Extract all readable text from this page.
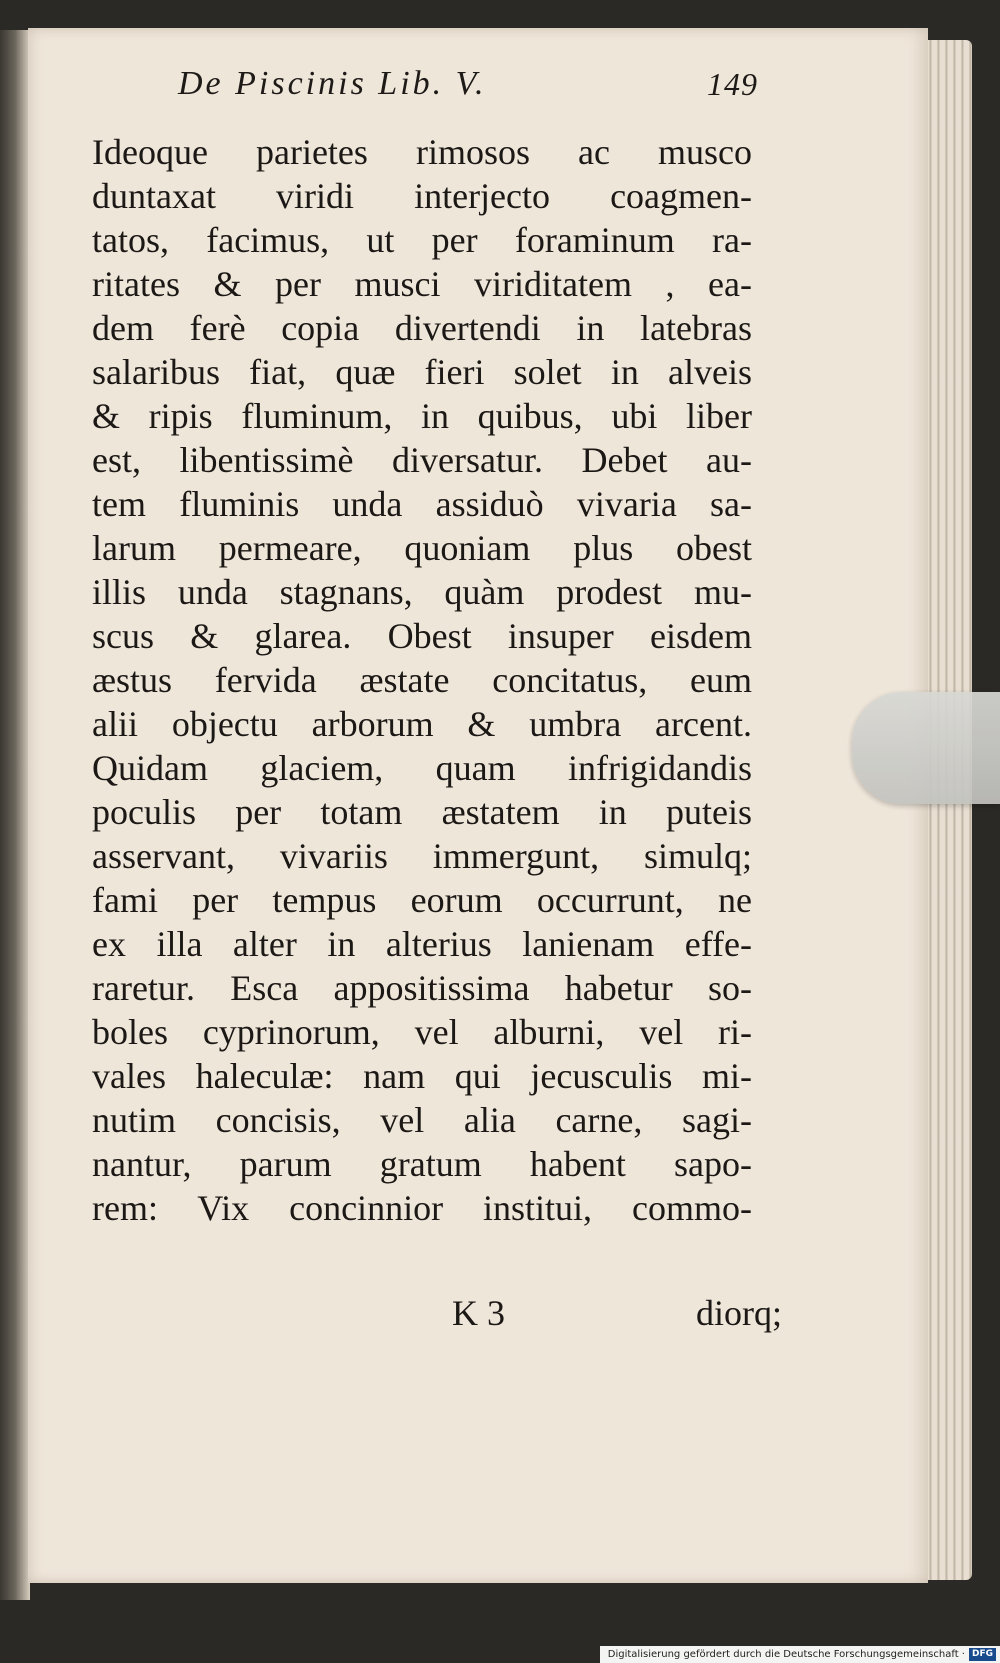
De Piscinis Lib. V.	149
Ideoque parietes rimosos ac musco
duntaxat viridi interjecto coagmen-
tatos, facimus, ut per foraminum ra-
ritates & per musci viriditatem , ea-
dem ferè copia divertendi in latebras
salaribus fiat, quæ fieri solet in alveis
& ripis fluminum, in quibus, ubi liber
est, libentissimè diversatur. Debet au-
tem fluminis unda assiduò vivaria sa-
larum permeare, quoniam plus obest
illis unda stagnans, quàm prodest mu-
scus & glarea. Obest insuper eisdem
æstus fervida æstate concitatus, eum
alii objectu arborum & umbra arcent.
Quidam glaciem, quam infrigidandis
poculis per totam æstatem in puteis
asservant, vivariis immergunt, simulq;
fami per tempus eorum occurrunt, ne
ex illa alter in alterius lanienam effe-
raretur. Esca appositissima habetur so-
boles cyprinorum, vel alburni, vel ri-
vales haleculæ: nam qui jecusculis mi-
nutim concisis, vel alia carne, sagi-
nantur, parum gratum habent sapo-
rem: Vix concinnior institui, commo-
K 3	diorq;
Digitalisierung gefördert durch die Deutsche Forschungsgemeinschaft · DFG
